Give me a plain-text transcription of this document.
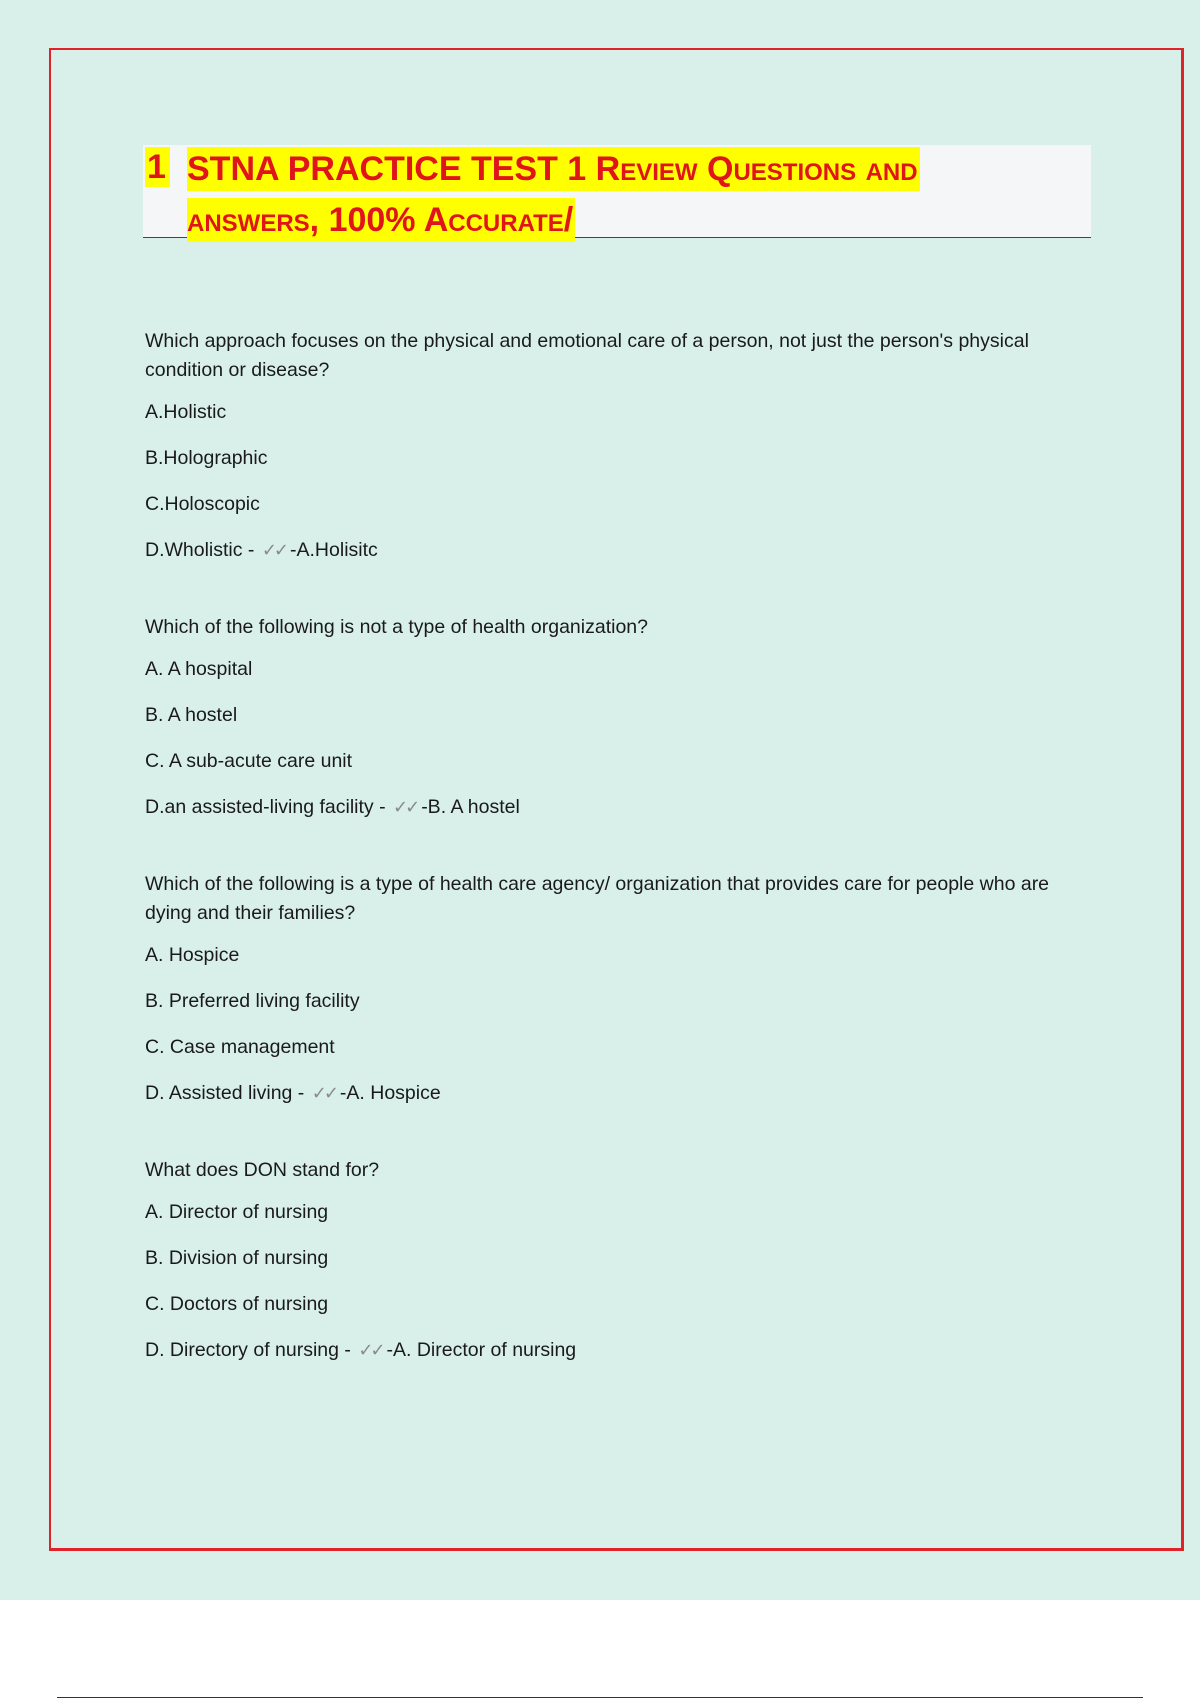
1 STNA PRACTICE TEST 1 Review Questions and
answers, 100% Accurate/

Which approach focuses on the physical and emotional care of a person, not just the person's physical condition or disease?

A.Holistic
B.Holographic
C.Holoscopic
D.Wholistic - ✓✓ -A.Holisitc

Which of the following is not a type of health organization?

A. A hospital
B. A hostel
C. A sub-acute care unit
D.an assisted-living facility - ✓✓ -B. A hostel

Which of the following is a type of health care agency/ organization that provides care for people who are dying and their families?

A. Hospice
B. Preferred living facility
C. Case management
D. Assisted living - ✓✓ -A. Hospice

What does DON stand for?

A. Director of nursing
B. Division of nursing
C. Doctors of nursing
D. Directory of nursing - ✓✓ -A. Director of nursing
